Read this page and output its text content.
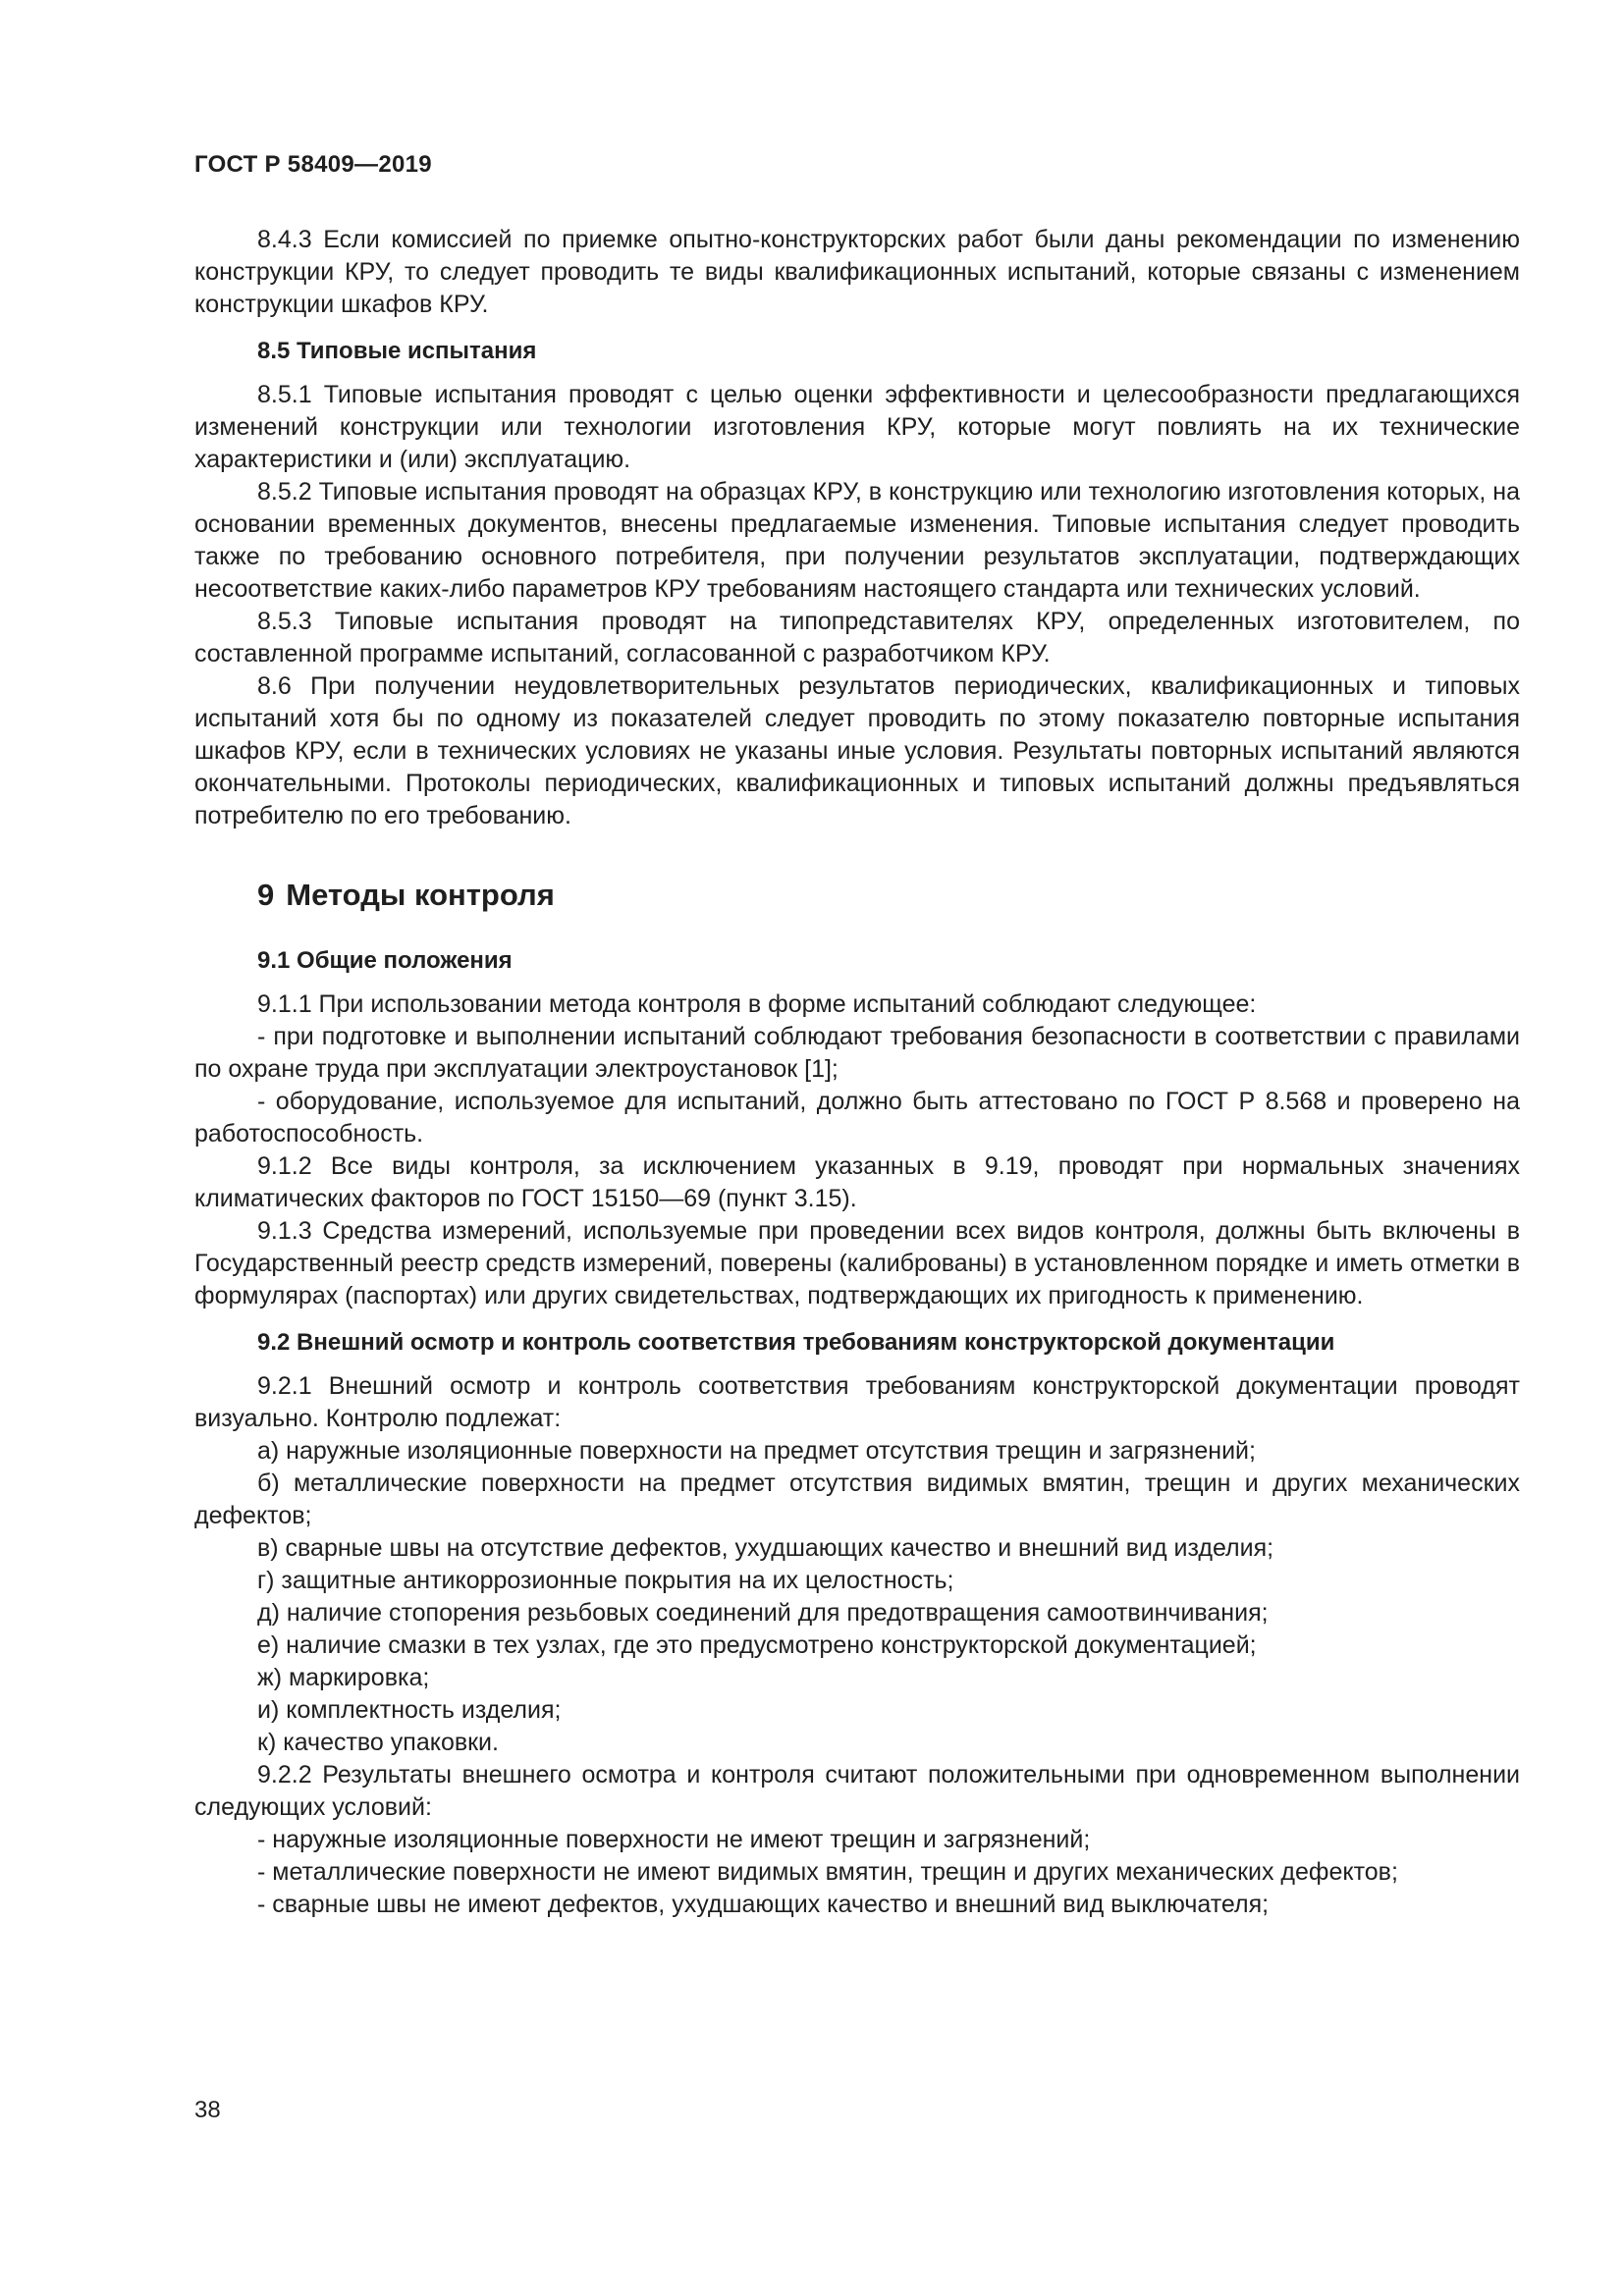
ГОСТ Р 58409—2019

8.4.3 Если комиссией по приемке опытно-конструкторских работ были даны рекомендации по изменению конструкции КРУ, то следует проводить те виды квалификационных испытаний, которые связаны с изменением конструкции шкафов КРУ.

8.5 Типовые испытания

8.5.1 Типовые испытания проводят с целью оценки эффективности и целесообразности предлагающихся изменений конструкции или технологии изготовления КРУ, которые могут повлиять на их технические характеристики и (или) эксплуатацию.

8.5.2 Типовые испытания проводят на образцах КРУ, в конструкцию или технологию изготовления которых, на основании временных документов, внесены предлагаемые изменения. Типовые испытания следует проводить также по требованию основного потребителя, при получении результатов эксплуатации, подтверждающих несоответствие каких-либо параметров КРУ требованиям настоящего стандарта или технических условий.

8.5.3 Типовые испытания проводят на типопредставителях КРУ, определенных изготовителем, по составленной программе испытаний, согласованной с разработчиком КРУ.

8.6 При получении неудовлетворительных результатов периодических, квалификационных и типовых испытаний хотя бы по одному из показателей следует проводить по этому показателю повторные испытания шкафов КРУ, если в технических условиях не указаны иные условия. Результаты повторных испытаний являются окончательными. Протоколы периодических, квалификационных и типовых испытаний должны предъявляться потребителю по его требованию.

9 Методы контроля
9.1 Общие положения

9.1.1 При использовании метода контроля в форме испытаний соблюдают следующее:

- при подготовке и выполнении испытаний соблюдают требования безопасности в соответствии с правилами по охране труда при эксплуатации электроустановок [1];

- оборудование, используемое для испытаний, должно быть аттестовано по ГОСТ Р 8.568 и проверено на работоспособность.

9.1.2 Все виды контроля, за исключением указанных в 9.19, проводят при нормальных значениях климатических факторов по ГОСТ 15150—69 (пункт 3.15).

9.1.3 Средства измерений, используемые при проведении всех видов контроля, должны быть включены в Государственный реестр средств измерений, поверены (калиброваны) в установленном порядке и иметь отметки в формулярах (паспортах) или других свидетельствах, подтверждающих их пригодность к применению.

9.2 Внешний осмотр и контроль соответствия требованиям конструкторской документации

9.2.1 Внешний осмотр и контроль соответствия требованиям конструкторской документации проводят визуально. Контролю подлежат:

а) наружные изоляционные поверхности на предмет отсутствия трещин и загрязнений;

б) металлические поверхности на предмет отсутствия видимых вмятин, трещин и других механических дефектов;

в) сварные швы на отсутствие дефектов, ухудшающих качество и внешний вид изделия;

г) защитные антикоррозионные покрытия на их целостность;

д) наличие стопорения резьбовых соединений для предотвращения самоотвинчивания;

е) наличие смазки в тех узлах, где это предусмотрено конструкторской документацией;

ж) маркировка;

и) комплектность изделия;

к) качество упаковки.

9.2.2 Результаты внешнего осмотра и контроля считают положительными при одновременном выполнении следующих условий:

- наружные изоляционные поверхности не имеют трещин и загрязнений;

- металлические поверхности не имеют видимых вмятин, трещин и других механических дефектов;

- сварные швы не имеют дефектов, ухудшающих качество и внешний вид выключателя;

38
